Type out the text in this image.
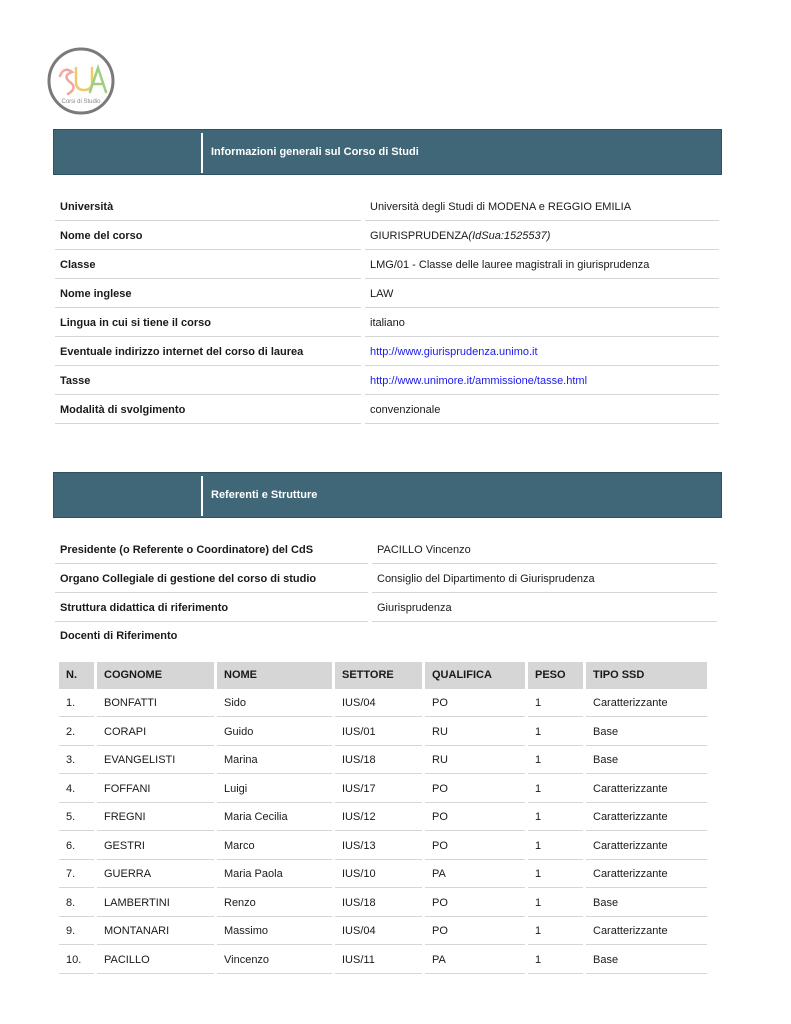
Corsi di Studio
SUA
Informazioni generali sul Corso di Studi
Università	Università degli Studi di MODENA e REGGIO EMILIA
Nome del corso	GIURISPRUDENZA(IdSua:1525537)
Classe	LMG/01 - Classe delle lauree magistrali in giurisprudenza
Nome inglese	LAW
Lingua in cui si tiene il corso	italiano
Eventuale indirizzo internet del corso di laurea	http://www.giurisprudenza.unimo.it
Tasse	http://www.unimore.it/ammissione/tasse.html
Modalità di svolgimento	convenzionale
Referenti e Strutture
Presidente (o Referente o Coordinatore) del CdS	PACILLO Vincenzo
Organo Collegiale di gestione del corso di studio	Consiglio del Dipartimento di Giurisprudenza
Struttura didattica di riferimento	Giurisprudenza
Docenti di Riferimento
N.	COGNOME	NOME	SETTORE	QUALIFICA	PESO	TIPO SSD
1.	BONFATTI	Sido	IUS/04	PO	1	Caratterizzante
2.	CORAPI	Guido	IUS/01	RU	1	Base
3.	EVANGELISTI	Marina	IUS/18	RU	1	Base
4.	FOFFANI	Luigi	IUS/17	PO	1	Caratterizzante
5.	FREGNI	Maria Cecilia	IUS/12	PO	1	Caratterizzante
6.	GESTRI	Marco	IUS/13	PO	1	Caratterizzante
7.	GUERRA	Maria Paola	IUS/10	PA	1	Caratterizzante
8.	LAMBERTINI	Renzo	IUS/18	PO	1	Base
9.	MONTANARI	Massimo	IUS/04	PO	1	Caratterizzante
10.	PACILLO	Vincenzo	IUS/11	PA	1	Base
